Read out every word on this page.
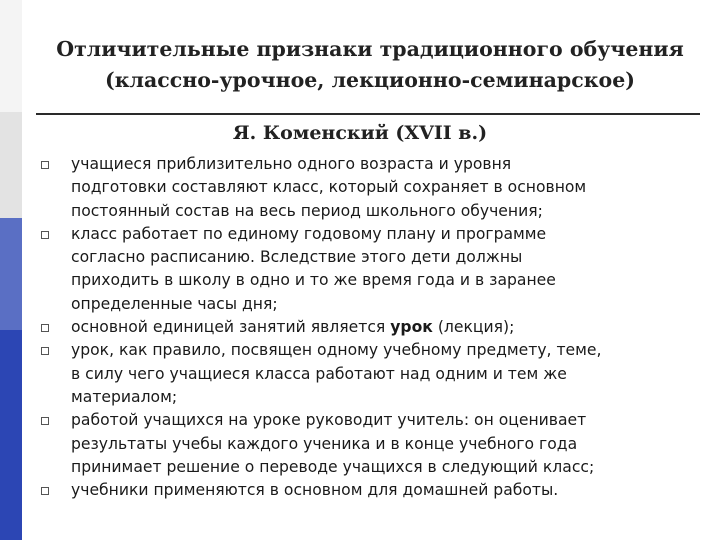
Отличительные признаки традиционного обучения
(классно-урочное, лекционно-семинарское)
Я. Коменский (XVII в.)
учащиеся приблизительно одного возраста и уровня
подготовки составляют класс, который сохраняет в основном
постоянный состав на весь период школьного обучения;
класс работает по единому годовому плану и программе
согласно расписанию. Вследствие этого дети должны
приходить в школу в одно и то же время года и в заранее
определенные часы дня;
основной единицей занятий является урок (лекция);
урок, как правило, посвящен одному учебному предмету, теме,
в силу чего учащиеся класса работают над одним и тем же
материалом;
работой учащихся на уроке руководит учитель: он оценивает
результаты учебы каждого ученика и в конце учебного года
принимает решение о переводе учащихся в следующий класс;
учебники применяются в основном для домашней работы.
